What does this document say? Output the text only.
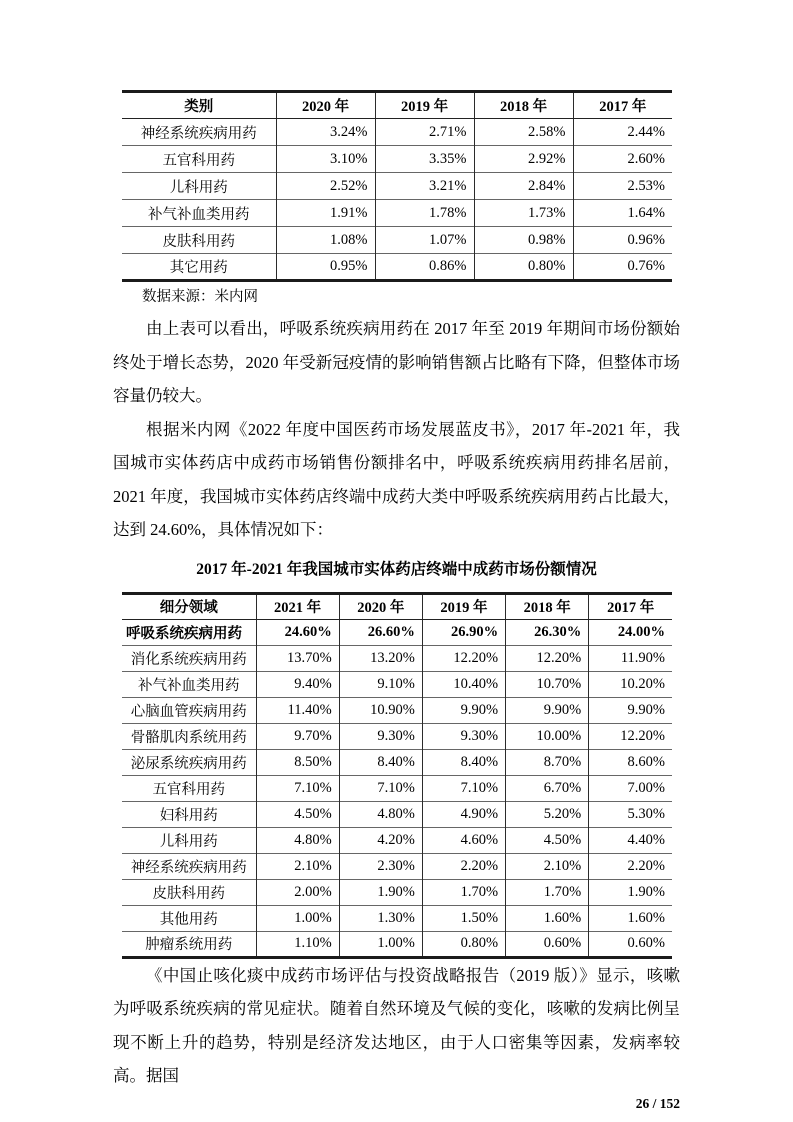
类别	2020 年	2019 年	2018 年	2017 年
神经系统疾病用药	3.24%	2.71%	2.58%	2.44%
五官科用药	3.10%	3.35%	2.92%	2.60%
儿科用药	2.52%	3.21%	2.84%	2.53%
补气补血类用药	1.91%	1.78%	1.73%	1.64%
皮肤科用药	1.08%	1.07%	0.98%	0.96%
其它用药	0.95%	0.86%	0.80%	0.76%
数据来源：米内网

由上表可以看出，呼吸系统疾病用药在 2017 年至 2019 年期间市场份额始终处于增长态势，2020 年受新冠疫情的影响销售额占比略有下降，但整体市场容量仍较大。

根据米内网《2022 年度中国医药市场发展蓝皮书》，2017 年-2021 年，我国城市实体药店中成药市场销售份额排名中，呼吸系统疾病用药排名居前，2021 年度，我国城市实体药店终端中成药大类中呼吸系统疾病用药占比最大，达到 24.60%，具体情况如下：

2017 年-2021 年我国城市实体药店终端中成药市场份额情况
细分领域	2021 年	2020 年	2019 年	2018 年	2017 年
呼吸系统疾病用药	24.60%	26.60%	26.90%	26.30%	24.00%
消化系统疾病用药	13.70%	13.20%	12.20%	12.20%	11.90%
补气补血类用药	9.40%	9.10%	10.40%	10.70%	10.20%
心脑血管疾病用药	11.40%	10.90%	9.90%	9.90%	9.90%
骨骼肌肉系统用药	9.70%	9.30%	9.30%	10.00%	12.20%
泌尿系统疾病用药	8.50%	8.40%	8.40%	8.70%	8.60%
五官科用药	7.10%	7.10%	7.10%	6.70%	7.00%
妇科用药	4.50%	4.80%	4.90%	5.20%	5.30%
儿科用药	4.80%	4.20%	4.60%	4.50%	4.40%
神经系统疾病用药	2.10%	2.30%	2.20%	2.10%	2.20%
皮肤科用药	2.00%	1.90%	1.70%	1.70%	1.90%
其他用药	1.00%	1.30%	1.50%	1.60%	1.60%
肿瘤系统用药	1.10%	1.00%	0.80%	0.60%	0.60%

《中国止咳化痰中成药市场评估与投资战略报告（2019 版）》显示，咳嗽为呼吸系统疾病的常见症状。随着自然环境及气候的变化，咳嗽的发病比例呈现不断上升的趋势，特别是经济发达地区，由于人口密集等因素，发病率较高。据国

26 / 152
